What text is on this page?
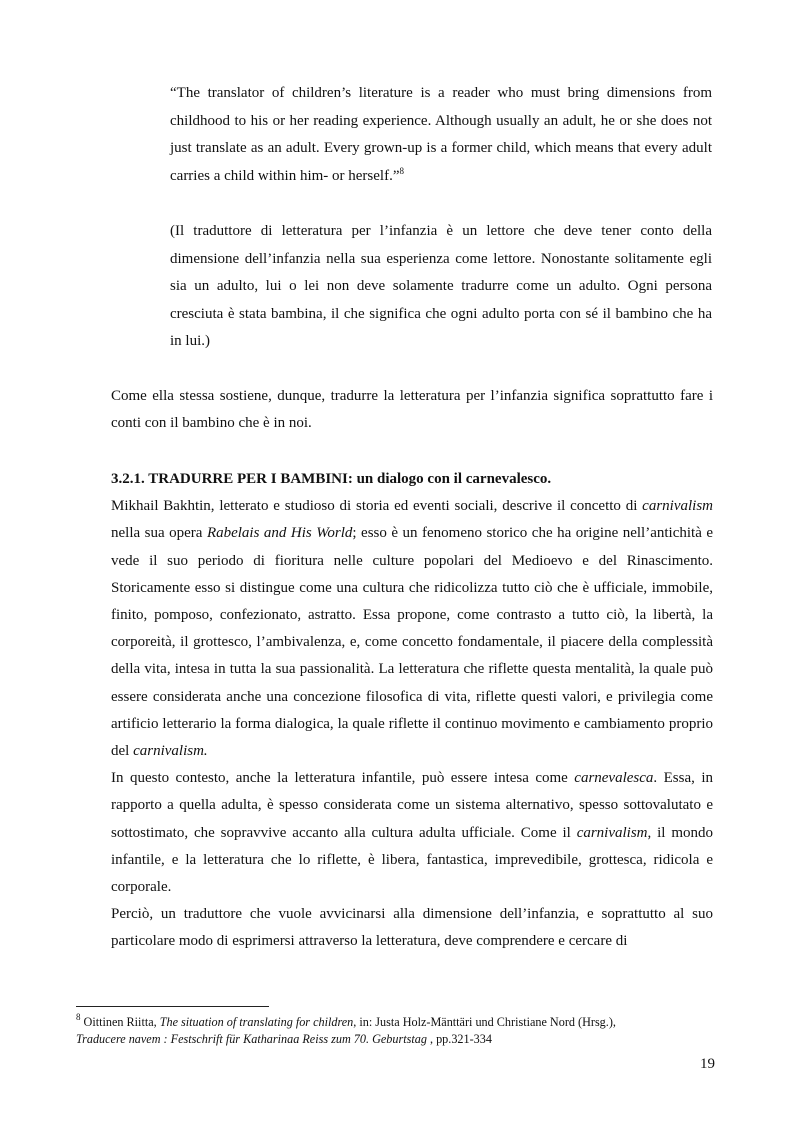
“The translator of children’s literature is a reader who must bring dimensions from childhood to his or her reading experience. Although usually an adult, he or she does not just translate as an adult. Every grown-up is a former child, which means that every adult carries a child within him- or herself.”$^8$
(Il traduttore di letteratura per l’infanzia è un lettore che deve tener conto della dimensione dell’infanzia nella sua esperienza come lettore. Nonostante solitamente egli sia un adulto, lui o lei non deve solamente tradurre come un adulto. Ogni persona cresciuta è stata bambina, il che significa che ogni adulto porta con sé il bambino che ha in lui.)
Come ella stessa sostiene, dunque, tradurre la letteratura per l’infanzia significa soprattutto fare i conti con il bambino che è in noi.

3.2.1. TRADURRE PER I BAMBINI: un dialogo con il carnevalesco.

Mikhail Bakhtin, letterato e studioso di storia ed eventi sociali, descrive il concetto di carnivalism nella sua opera Rabelais and His World; esso è un fenomeno storico che ha origine nell’antichità e vede il suo periodo di fioritura nelle culture popolari del Medioevo e del Rinascimento. Storicamente esso si distingue come una cultura che ridicolizza tutto ciò che è ufficiale, immobile, finito, pomposo, confezionato, astratto. Essa propone, come contrasto a tutto ciò, la libertà, la corporeità, il grottesco, l’ambivalenza, e, come concetto fondamentale, il piacere della complessità della vita, intesa in tutta la sua passionalità. La letteratura che riflette questa mentalità, la quale può essere considerata anche una concezione filosofica di vita, riflette questi valori, e privilegia come artificio letterario la forma dialogica, la quale riflette il continuo movimento e cambiamento proprio del carnivalism.

In questo contesto, anche la letteratura infantile, può essere intesa come carnevalesca. Essa, in rapporto a quella adulta, è spesso considerata come un sistema alternativo, spesso sottovalutato e sottostimato, che sopravvive accanto alla cultura adulta ufficiale. Come il carnivalism, il mondo infantile, e la letteratura che lo riflette, è libera, fantastica, imprevedibile, grottesca, ridicola e corporale.

Perciò, un traduttore che vuole avvicinarsi alla dimensione dell’infanzia, e soprattutto al suo particolare modo di esprimersi attraverso la letteratura, deve comprendere e cercare di

$^8$ Oittinen Riitta, The situation of translating for children, in: Justa Holz-Mänttäri und Christiane Nord (Hrsg.),
Traducere navem : Festschrift für Katharinaa Reiss zum 70. Geburtstag , pp.321-334
19
